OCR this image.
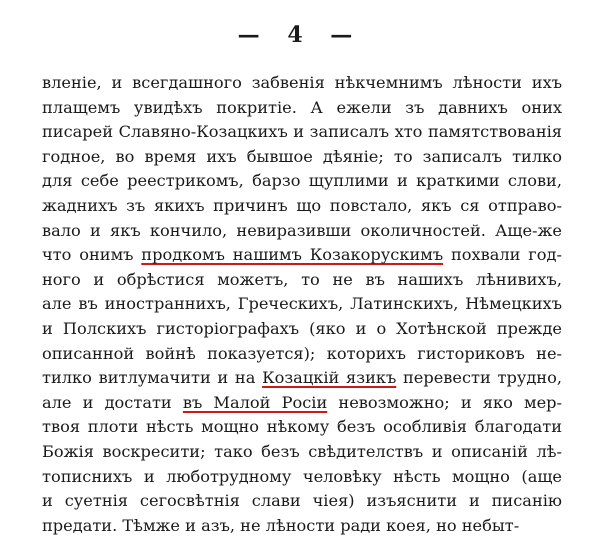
— 4 —
вленіе, и всегдашного забвенія нѣкчемнимъ лѣности ихъ
плащемъ увидѣхъ покритіе. А ежели зъ давнихъ оних
писарей Славяно-Козацкихъ и записалъ хто памятствованія
годное, во время ихъ бывшое дѣяніе; то записалъ тилко
для себе реестрикомъ, барзо щуплими и краткими слови,
жаднихъ зъ якихъ причинъ що повстало, якъ ся отправо-
вало и якъ кончило, невиразивши околичностей. Аще-же
что онимъ продкомъ нашимъ Козакорускимъ похвали год-
ного и обрѣстися можетъ, то не въ нашихъ лѣнивихъ,
але въ иностраннихъ, Греческихъ, Латинскихъ, Нѣмецкихъ
и Полскихъ гисторіографахъ (яко и о Хотѣнской прежде
описанной войнѣ показуется); которихъ гисториковъ не-
тилко витлумачити и на Козацкій язикъ перевести трудно,
але и достати въ Малой Росіи невозможно; и яко мер-
твоя плоти нѣсть мощно нѣкому безъ особливія благодати
Божія воскресити; тако безъ свѣдителствъ и описаній лѣ-
тописнихъ и люботрудному человѣку нѣсть мощно (аще
и суетнія сегосвѣтнія слави чіея) изъяснити и писанію
предати. Тѣмже и азъ, не лѣности ради коея, но небыт-
